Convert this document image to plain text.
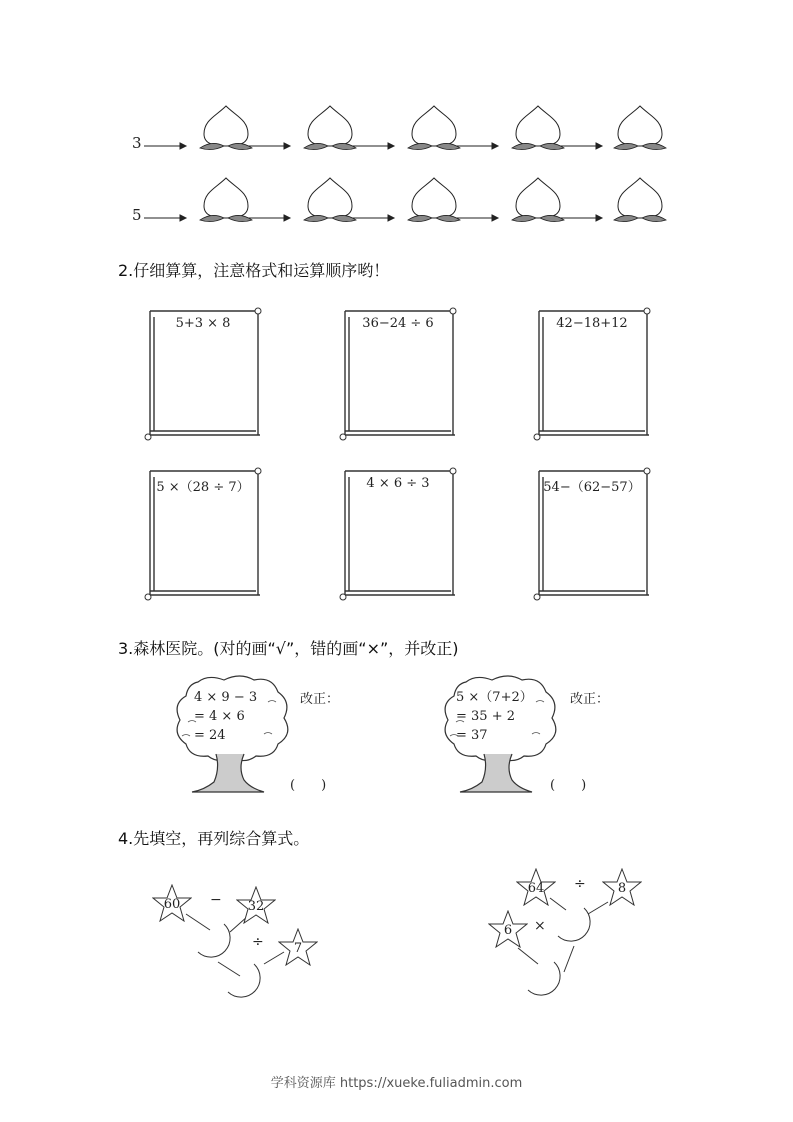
3
5
2.仔细算算，注意格式和运算顺序哟！
5+3 × 8	36−24 ÷ 6	42−18+12
5 ×（28 ÷ 7）	4 × 6 ÷ 3	54−（62−57）
3.森林医院。(对的画“√”，错的画“×”，并改正)
4 × 9 − 3
= 4 × 6
= 24
改正：
(　　)
5 ×（7+2）
= 35 + 2
= 37
改正：
(　　)
4.先填空，再列综合算式。
60	−	32
÷	7
64	÷	8
6	×
学科资源库 https://xueke.fuliadmin.com
